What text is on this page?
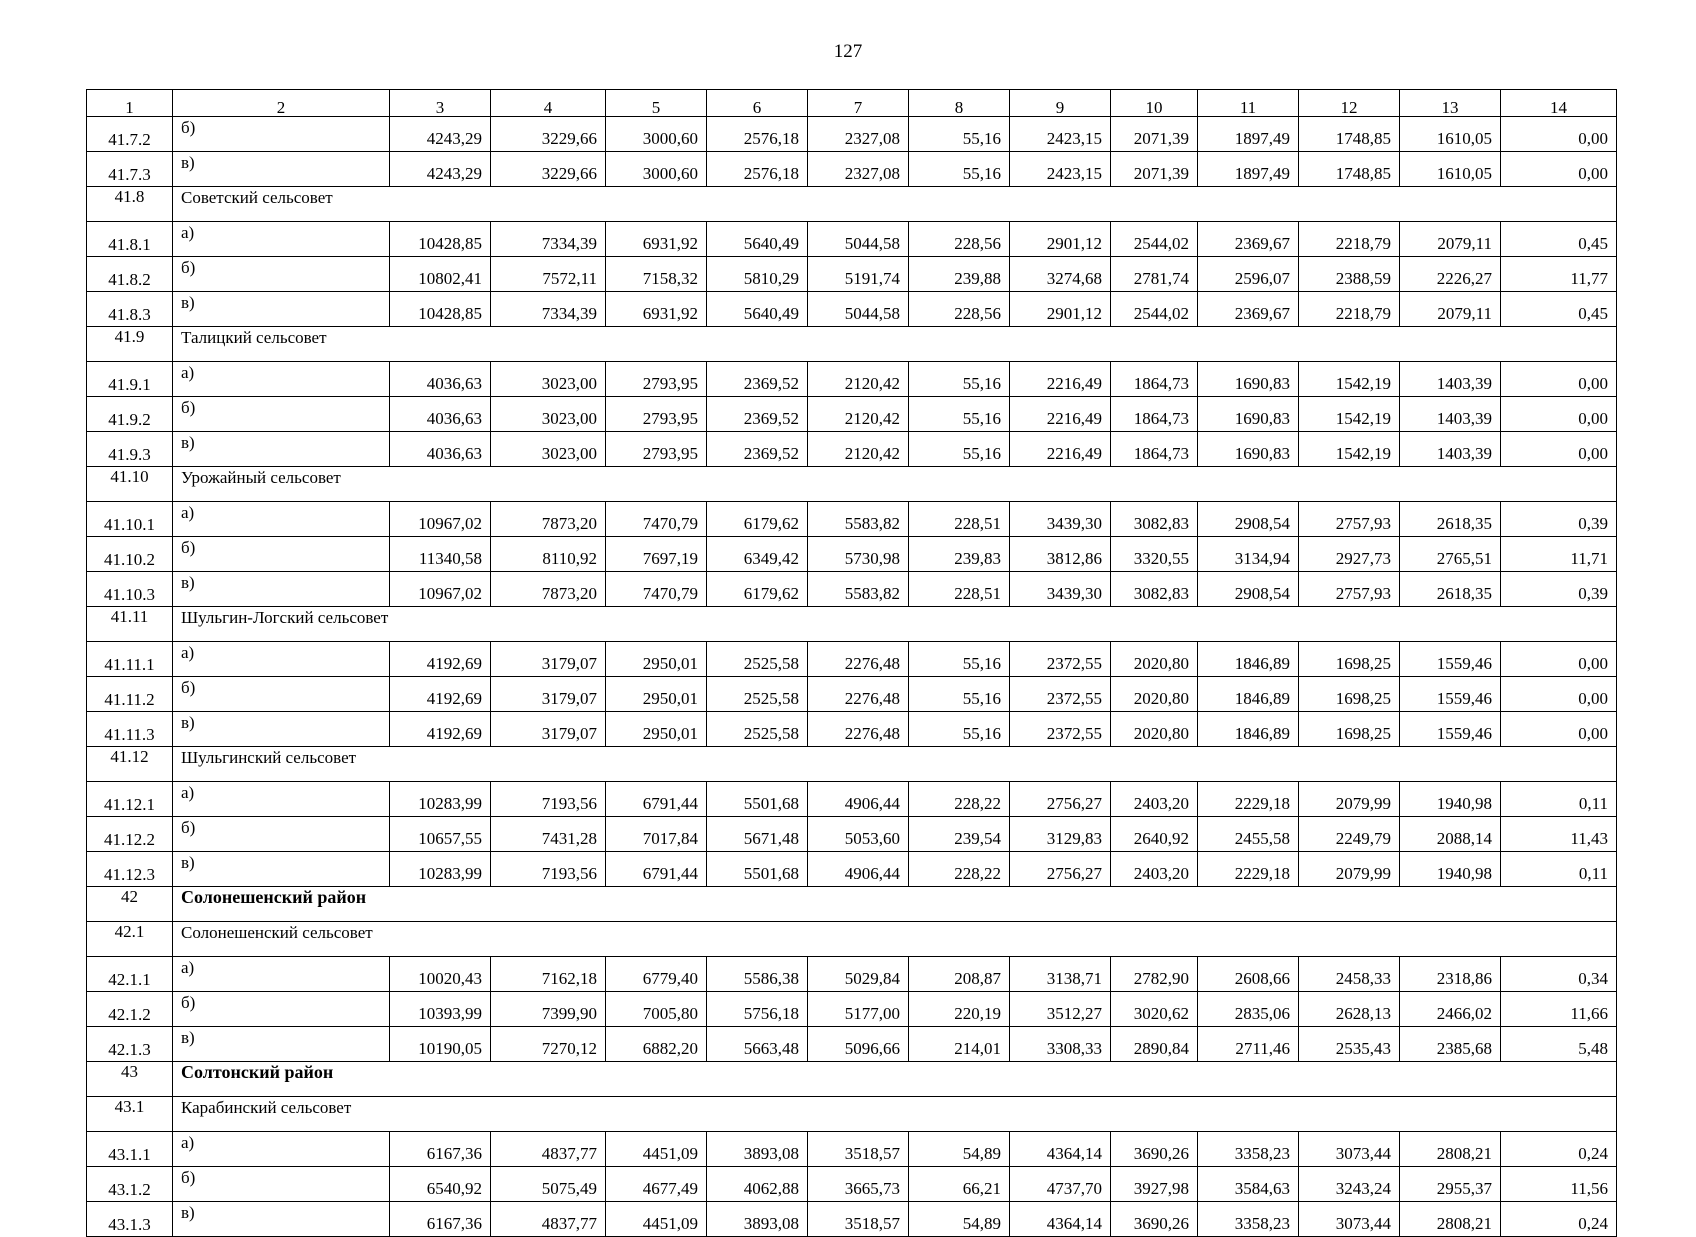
127
1	2	3	4	5	6	7	8	9	10	11	12	13	14
41.7.2	б)	4243,29	3229,66	3000,60	2576,18	2327,08	55,16	2423,15	2071,39	1897,49	1748,85	1610,05	0,00
41.7.3	в)	4243,29	3229,66	3000,60	2576,18	2327,08	55,16	2423,15	2071,39	1897,49	1748,85	1610,05	0,00
41.8	Советский сельсовет												
41.8.1	а)	10428,85	7334,39	6931,92	5640,49	5044,58	228,56	2901,12	2544,02	2369,67	2218,79	2079,11	0,45
41.8.2	б)	10802,41	7572,11	7158,32	5810,29	5191,74	239,88	3274,68	2781,74	2596,07	2388,59	2226,27	11,77
41.8.3	в)	10428,85	7334,39	6931,92	5640,49	5044,58	228,56	2901,12	2544,02	2369,67	2218,79	2079,11	0,45
41.9	Талицкий сельсовет												
41.9.1	а)	4036,63	3023,00	2793,95	2369,52	2120,42	55,16	2216,49	1864,73	1690,83	1542,19	1403,39	0,00
41.9.2	б)	4036,63	3023,00	2793,95	2369,52	2120,42	55,16	2216,49	1864,73	1690,83	1542,19	1403,39	0,00
41.9.3	в)	4036,63	3023,00	2793,95	2369,52	2120,42	55,16	2216,49	1864,73	1690,83	1542,19	1403,39	0,00
41.10	Урожайный сельсовет												
41.10.1	а)	10967,02	7873,20	7470,79	6179,62	5583,82	228,51	3439,30	3082,83	2908,54	2757,93	2618,35	0,39
41.10.2	б)	11340,58	8110,92	7697,19	6349,42	5730,98	239,83	3812,86	3320,55	3134,94	2927,73	2765,51	11,71
41.10.3	в)	10967,02	7873,20	7470,79	6179,62	5583,82	228,51	3439,30	3082,83	2908,54	2757,93	2618,35	0,39
41.11	Шульгин-Логский сельсовет												
41.11.1	а)	4192,69	3179,07	2950,01	2525,58	2276,48	55,16	2372,55	2020,80	1846,89	1698,25	1559,46	0,00
41.11.2	б)	4192,69	3179,07	2950,01	2525,58	2276,48	55,16	2372,55	2020,80	1846,89	1698,25	1559,46	0,00
41.11.3	в)	4192,69	3179,07	2950,01	2525,58	2276,48	55,16	2372,55	2020,80	1846,89	1698,25	1559,46	0,00
41.12	Шульгинский сельсовет												
41.12.1	а)	10283,99	7193,56	6791,44	5501,68	4906,44	228,22	2756,27	2403,20	2229,18	2079,99	1940,98	0,11
41.12.2	б)	10657,55	7431,28	7017,84	5671,48	5053,60	239,54	3129,83	2640,92	2455,58	2249,79	2088,14	11,43
41.12.3	в)	10283,99	7193,56	6791,44	5501,68	4906,44	228,22	2756,27	2403,20	2229,18	2079,99	1940,98	0,11
42	Солонешенский район												
42.1	Солонешенский сельсовет												
42.1.1	а)	10020,43	7162,18	6779,40	5586,38	5029,84	208,87	3138,71	2782,90	2608,66	2458,33	2318,86	0,34
42.1.2	б)	10393,99	7399,90	7005,80	5756,18	5177,00	220,19	3512,27	3020,62	2835,06	2628,13	2466,02	11,66
42.1.3	в)	10190,05	7270,12	6882,20	5663,48	5096,66	214,01	3308,33	2890,84	2711,46	2535,43	2385,68	5,48
43	Солтонский район												
43.1	Карабинский сельсовет												
43.1.1	а)	6167,36	4837,77	4451,09	3893,08	3518,57	54,89	4364,14	3690,26	3358,23	3073,44	2808,21	0,24
43.1.2	б)	6540,92	5075,49	4677,49	4062,88	3665,73	66,21	4737,70	3927,98	3584,63	3243,24	2955,37	11,56
43.1.3	в)	6167,36	4837,77	4451,09	3893,08	3518,57	54,89	4364,14	3690,26	3358,23	3073,44	2808,21	0,24
